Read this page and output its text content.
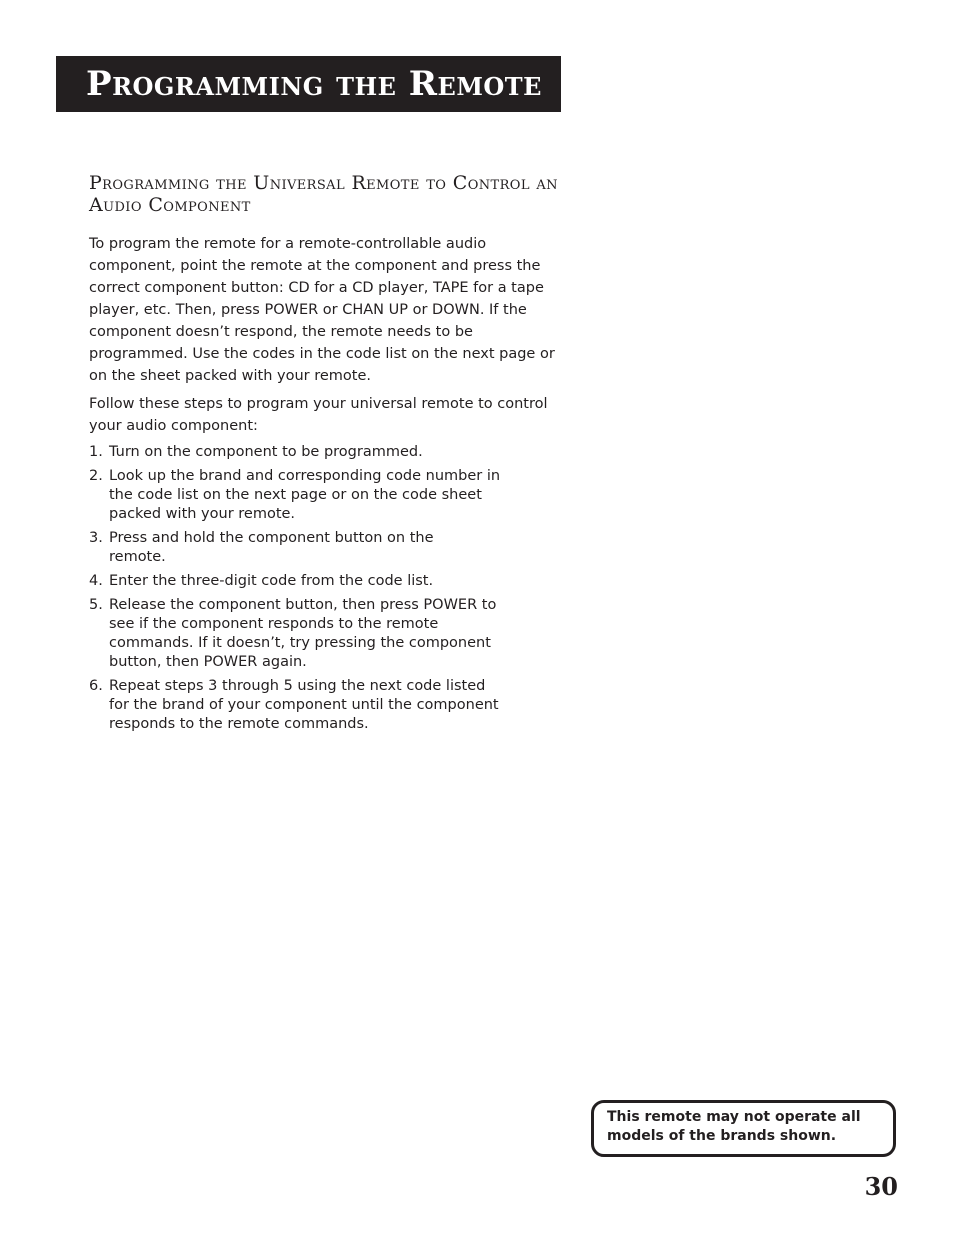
Programming the Remote
Programming the Universal Remote to Control an Audio Component

To program the remote for a remote-controllable audio component, point the remote at the component and press the correct component button: CD for a CD player, TAPE for a tape player, etc. Then, press POWER or CHAN UP or DOWN. If the component doesn’t respond, the remote needs to be programmed. Use the codes in the code list on the next page or on the sheet packed with your remote.

Follow these steps to program your universal remote to control your audio component:

1. Turn on the component to be programmed.
2. Look up the brand and corresponding code number in the code list on the next page or on the code sheet packed with your remote.
3. Press and hold the component button on the remote.
4. Enter the three-digit code from the code list.
5. Release the component button, then press POWER to see if the component responds to the remote commands. If it doesn’t, try pressing the component button, then POWER again.
6. Repeat steps 3 through 5 using the next code listed for the brand of your component until the component responds to the remote commands.
This remote may not operate all models of the brands shown.
30
